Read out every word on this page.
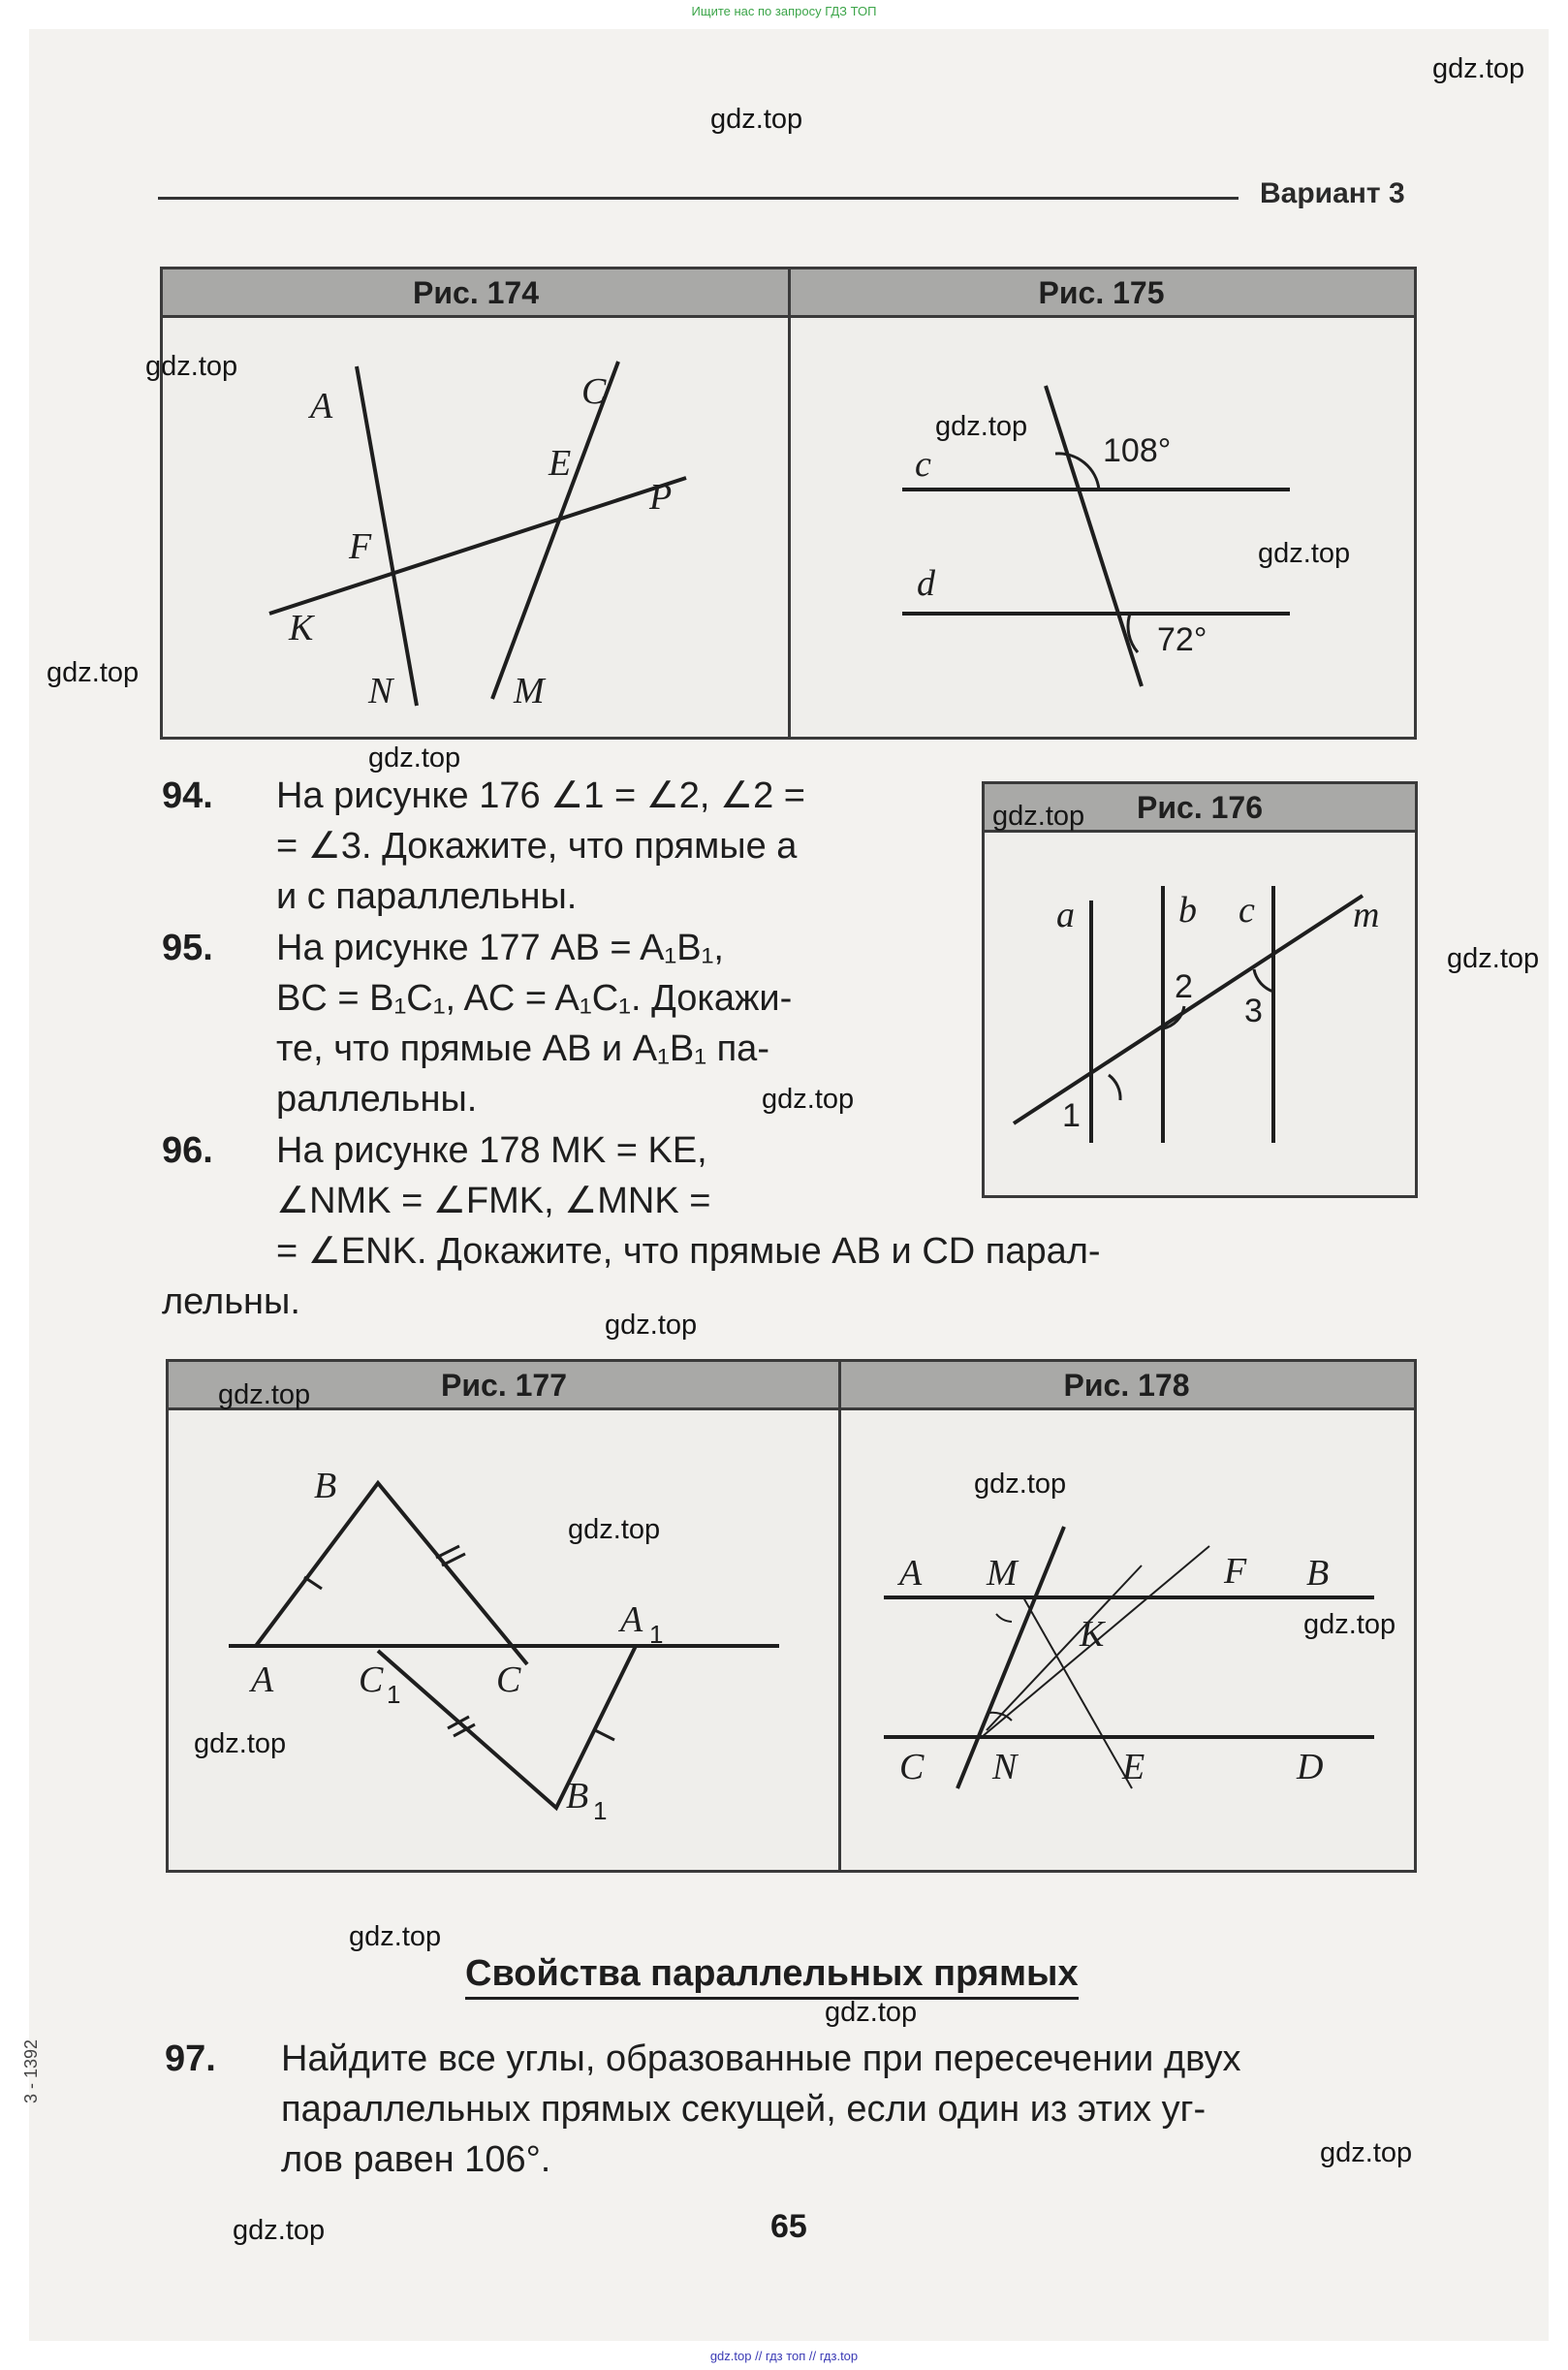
Ищите нас по запросу ГДЗ ТОП
Вариант 3
Рис. 174	Рис. 175
A	C
E
P
F
K
N	M
c
d
108°
72°
Рис. 176
a	b c	m
1
2
3
94. На рисунке 176 ∠1 = ∠2, ∠2 =
= ∠3. Докажите, что прямые a
и c параллельны.
95. На рисунке 177 AB = A₁B₁,
BC = B₁C₁, AC = A₁C₁. Докажи-
те, что прямые AB и A₁B₁ па-
раллельны.
96. На рисунке 178 MK = KE,
∠NMK = ∠FMK, ∠MNK =
= ∠ENK. Докажите, что прямые AB и CD парал-
лельны.
Рис. 177	Рис. 178
B
A C	C
A
B
1
1
1
A M	F B
K
C N	E	D
Свойства параллельных прямых
97. Найдите все углы, образованные при пересечении двух
параллельных прямых секущей, если один из этих уг-
лов равен 106°.
65
3 - 1392
gdz.top
gdz.top
gdz.top
gdz.top
gdz.top
gdz.top
gdz.top
gdz.top
gdz.top
gdz.top
gdz.top
gdz.top
gdz.top
gdz.top
gdz.top
gdz.top
gdz.top
gdz.top
gdz.top
gdz.top
gdz.top // гдз топ // гдз.top
